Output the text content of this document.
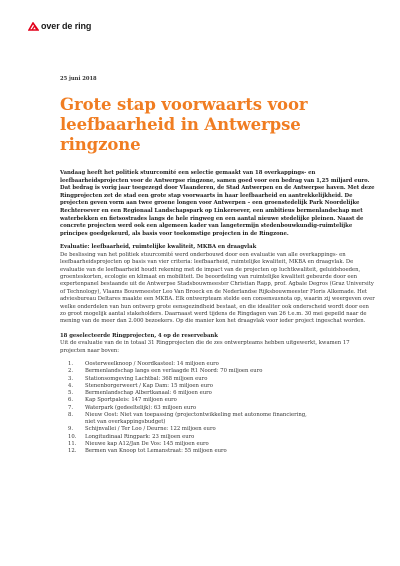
over de ring

25 juni 2018

Grote stap voorwaarts voor leefbaarheid in Antwerpse ringzone

Vandaag heeft het politiek stuurcomité een selectie gemaakt van 18 overkappings- en leefbaarheidsprojecten voor de Antwerpse ringzone, samen goed voor een bedrag van 1,25 miljard euro. Dat bedrag is vorig jaar toegezegd door Vlaanderen, de Stad Antwerpen en de Antwerpse haven. Met deze Ringprojecten zet de stad een grote stap voorwaarts in haar leefbaarheid en aantrekkelijkheid. De projecten geven vorm aan twee groene longen voor Antwerpen – een groenstedelijk Park Noordelijke Rechteroever en een Regionaal Landschapspark op Linkeroever, een ambitieus bermenlandschap met waterbekken en fietsostrades langs de hele ringweg en een aantal nieuwe stedelijke pleinen. Naast de concrete projecten werd ook een algemeen kader van langetermijn stedenbouwkundig-ruimtelijke principes goedgekeurd, als basis voor toekomstige projecten in de Ringzone.

Evaluatie: leefbaarheid, ruimtelijke kwaliteit, MKBA en draagvlak

De beslissing van het politiek stuurcomité werd onderbouwd door een evaluatie van alle overkappings- en leefbaarheidsprojecten op basis van vier criteria: leefbaarheid, ruimtelijke kwaliteit, MKBA en draagvlak. De evaluatie van de leefbaarheid houdt rekening met de impact van de projecten op luchtkwaliteit, geluidshoeden, groenteskorten, ecologie en klimaat en mobiliteit. De beoordeling van ruimtelijke kwaliteit gebeurde door een expertenpanel bestaande uit de Antwerpse Stadsbouwmeester Christian Rapp, prof. Agbale Degros (Graz University of Technology), Vlaams Bouwmeester Leo Van Broeck en de Nederlandse Rijksbouwmeester Floris Alkemade. Het adviesbureau Deltares maakte een MKBA. Elk ontwerpteam stelde een consensusnota op, waarin zij weergeven over welke onderdelen van hun ontwerp grote eensgezindheid bestaat, en die idealiter ook onderscheid wordt door een zo groot mogelijk aantal stakeholders. Daarnaast werd tijdens de Ringdagen van 26 t.e.m. 30 mei gepeild naar de mening van de meer dan 2.000 bezoekers. Op die manier kon het draagvlak voor ieder project ingeschat worden.

18 geselecteerde Ringprojecten, 4 op de reservebank

Uit de evaluatie van de in totaal 31 Ringprojecten die de zes ontwerpteams hebben uitgewerkt, kwamen 17 projecten naar boven:

1.	Oosterweelknoop / Noordkasteel: 14 miljoen euro
2.	Bermenlandschap langs een verlaagde R1 Noord: 70 miljoen euro
3.	Stationsomgeving Lachtbal: 368 miljoen euro
4.	Stenenborgerweert / Kap Dam: 15 miljoen euro
5.	Bermenlandschap Albertkanaal: 6 miljoen euro
6.	Kap Sportpaleis: 147 miljoen euro
7.	Waterpark (gedeeltelijk): 63 miljoen euro
8.	Nieuw Oost: Niet van toepassing (projectontwikkeling met autonome financiering, niet van overkappingsbudget)
9.	Schijnvallei / Ter Loo / Deurne: 122 miljoen euro
10.	Longitudinaal Ringpark: 23 miljoen euro
11.	Nieuwe kap A12/Jan De Vos: 145 miljoen euro
12.	Bermen van Knoop tot Lemanstraat: 55 miljoen euro
